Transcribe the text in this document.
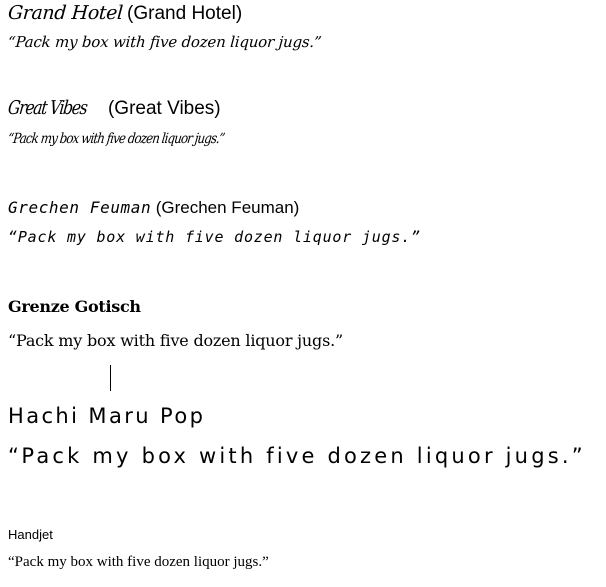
Grand Hotel (Grand Hotel)
“Pack my box with five dozen liquor jugs.”
Great Vibes (Great Vibes)
“Pack my box with five dozen liquor jugs.”
Grechen Feuman (Grechen Feuman)
“Pack my box with five dozen liquor jugs.”
Grenze Gotisch
“Pack my box with five dozen liquor jugs.”
Hachi Maru Pop
“Pack my box with five dozen liquor jugs.”
Handjet
“Pack my box with five dozen liquor jugs.”
